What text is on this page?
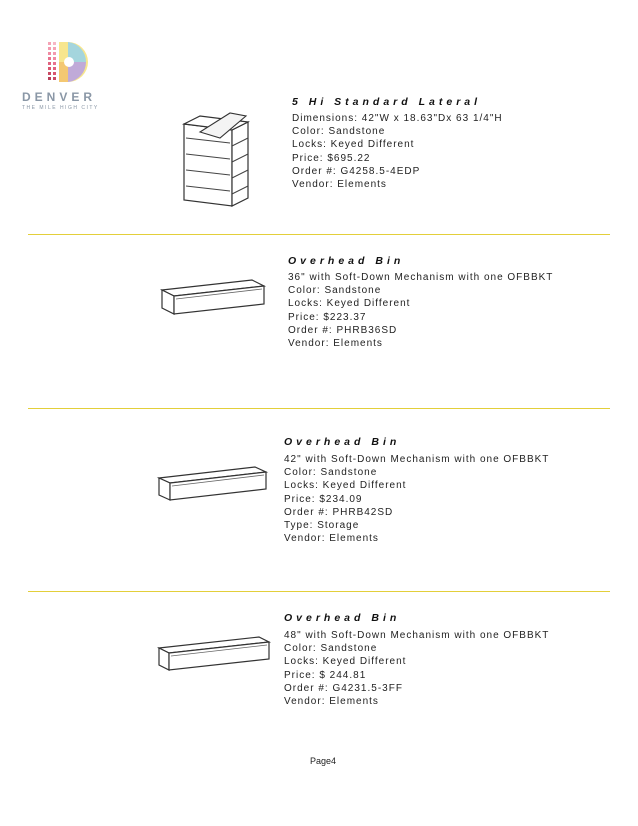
DENVER
THE MILE HIGH CITY	5 Hi Standard Lateral
Dimensions: 42"W x 18.63"Dx 63 1/4"H
Color: Sandstone
Locks: Keyed Different
Price: $695.22
Order #: G4258.5-4EDP
Vendor: Elements
Overhead Bin
36" with Soft-Down Mechanism with one OFBBKT
Color: Sandstone
Locks: Keyed Different
Price: $223.37
Order #: PHRB36SD
Vendor: Elements
Overhead Bin
42" with Soft-Down Mechanism with one OFBBKT
Color: Sandstone
Locks: Keyed Different
Price: $234.09
Order #: PHRB42SD
Type: Storage
Vendor: Elements
Overhead Bin
48" with Soft-Down Mechanism with one OFBBKT
Color: Sandstone
Locks: Keyed Different
Price: $ 244.81
Order #: G4231.5-3FF
Vendor: Elements
Page4
